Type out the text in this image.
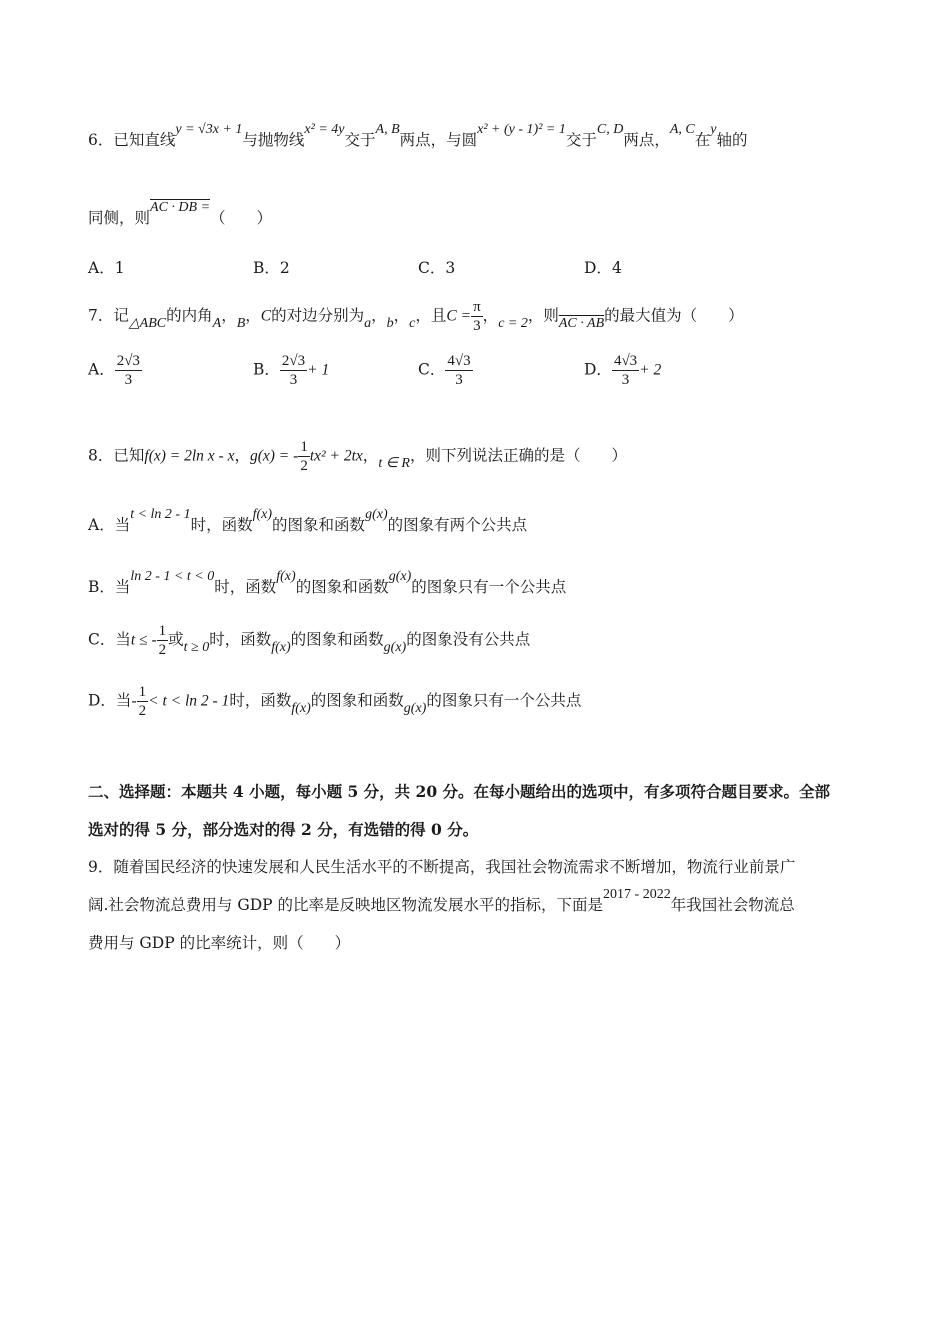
6．已知直线y = √3x + 1与抛物线x² = 4y交于A, B两点，与圆x² + (y - 1)² = 1交于C, D两点，A, C在y轴的
同侧，则AC · DB =（　　）
A．1	B．2	C．3	D．4
7．记△ABC的内角A，B，C的对边分别为a，b，c，且$C = \frac{\pi}{3}$ ，c = 2，则AC · AB的最大值为（　　）
A． $\frac{2√3}{3}$	B． $\frac{2√3}{3} + 1$	C． $\frac{4√3}{3}$	D． $\frac{4√3}{3} + 2$
8．已知f(x) = 2ln x - x，g(x) = - $\frac{1}{2} tx^2 + 2tx$，t ∈ R，则下列说法正确的是（　　）
A．当t < ln 2 - 1时，函数f(x)的图象和函数g(x)的图象有两个公共点
B．当ln 2 - 1 < t < 0时，函数f(x)的图象和函数g(x)的图象只有一个公共点
C．当t ≤ - $\frac{1}{2}$ 或t ≥ 0时，函数f(x)的图象和函数g(x)的图象没有公共点
D．当- $\frac{1}{2} < t < \ln 2 - 1$时，函数f(x)的图象和函数g(x)的图象只有一个公共点
二、选择题：本题共 4 小题，每小题 5 分，共 20 分。在每小题给出的选项中，有多项符合题目要求。全部
选对的得 5 分，部分选对的得 2 分，有选错的得 0 分。
9．随着国民经济的快速发展和人民生活水平的不断提高，我国社会物流需求不断增加，物流行业前景广
阔.社会物流总费用与 GDP 的比率是反映地区物流发展水平的指标，下面是2017 - 2022年我国社会物流总
费用与 GDP 的比率统计，则（　　）
